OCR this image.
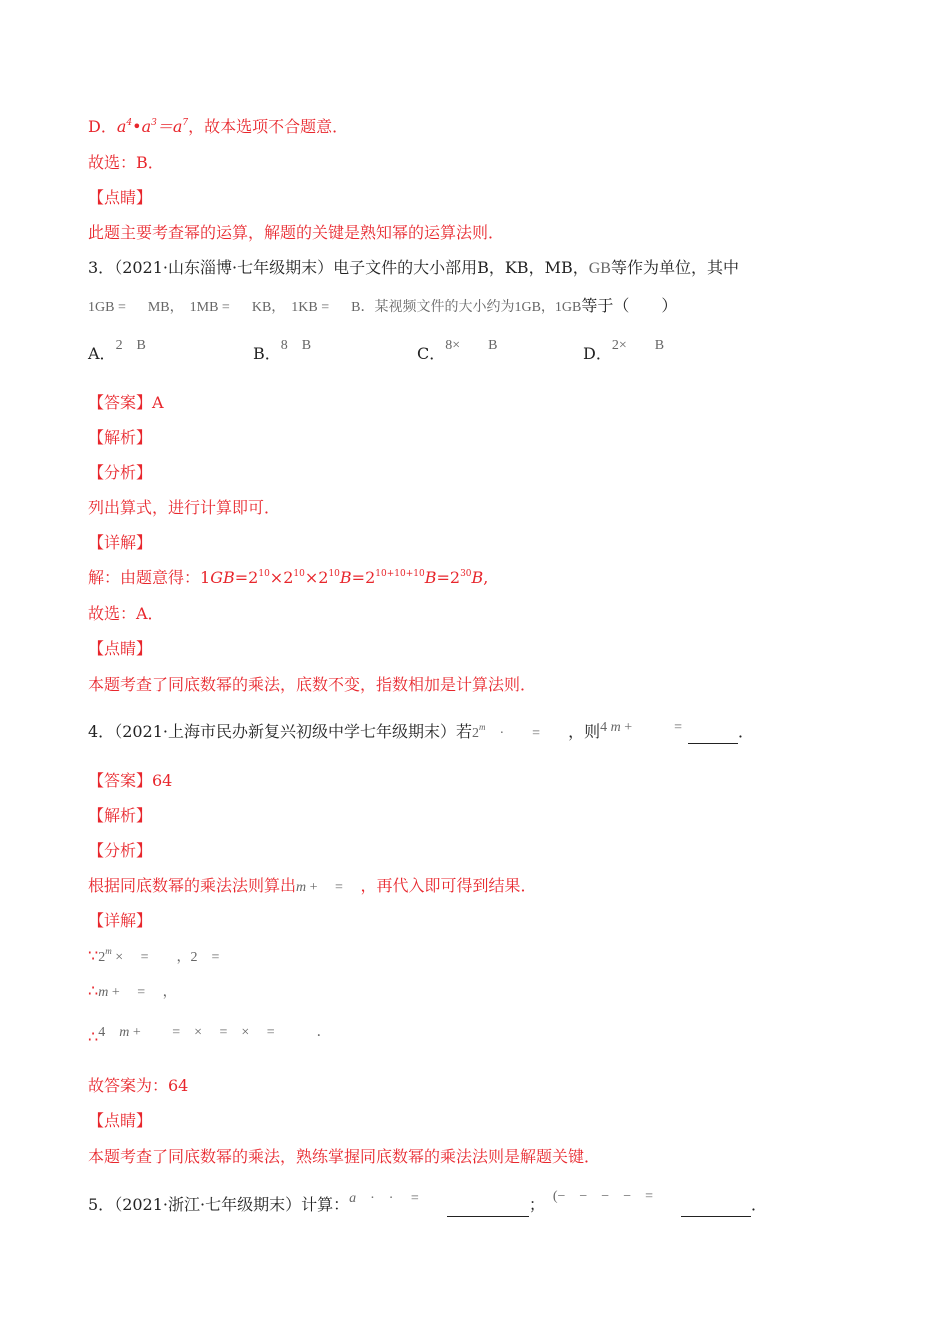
D．$a^4•a^3=a^7$，故本选项不合题意．
故选：B．
【点睛】
此题主要考查幂的运算，解题的关键是熟知幂的运算法则．
3．（2021·山东淄博·七年级期末）电子文件的大小部用B，KB，MB，GB等作为单位，其中
1GB = MB， 1MB = KB， 1KB = B．某视频文件的大小约为1GB，1GB等于（　　）
A．2　B	B．8　B	C．8×　　B	D．2×　　B
【答案】A
【解析】
【分析】
列出算式，进行计算即可．
【详解】
解：由题意得：$1GB=2^{10}\times 2^{10}\times 2^{10}B=2^{10+10+10}B=2^{30}B$,
故选：A．
【点睛】
本题考查了同底数幂的乘法，底数不变，指数相加是计算法则．
4．（2021·上海市民办新复兴初级中学七年级期末）若$2^m$　·　　=　　，则4 m +　　　=	．
【答案】64
【解析】
【分析】
根据同底数幂的乘法法则算出m +　 =　 ，再代入即可得到结果．
【详解】
$\because 2^m$ ×　 =　　，2　=
∴m +　 =　 ，
∴4　m +　　 =　×　 =　×　 =　　　．
故答案为：64
【点睛】
本题考查了同底数幂的乘法，熟练掌握同底数幂的乘法法则是解题关键．
5．（2021·浙江·七年级期末）计算：a　·　·　 =　　	； (−　−　−　−　=　　	．
